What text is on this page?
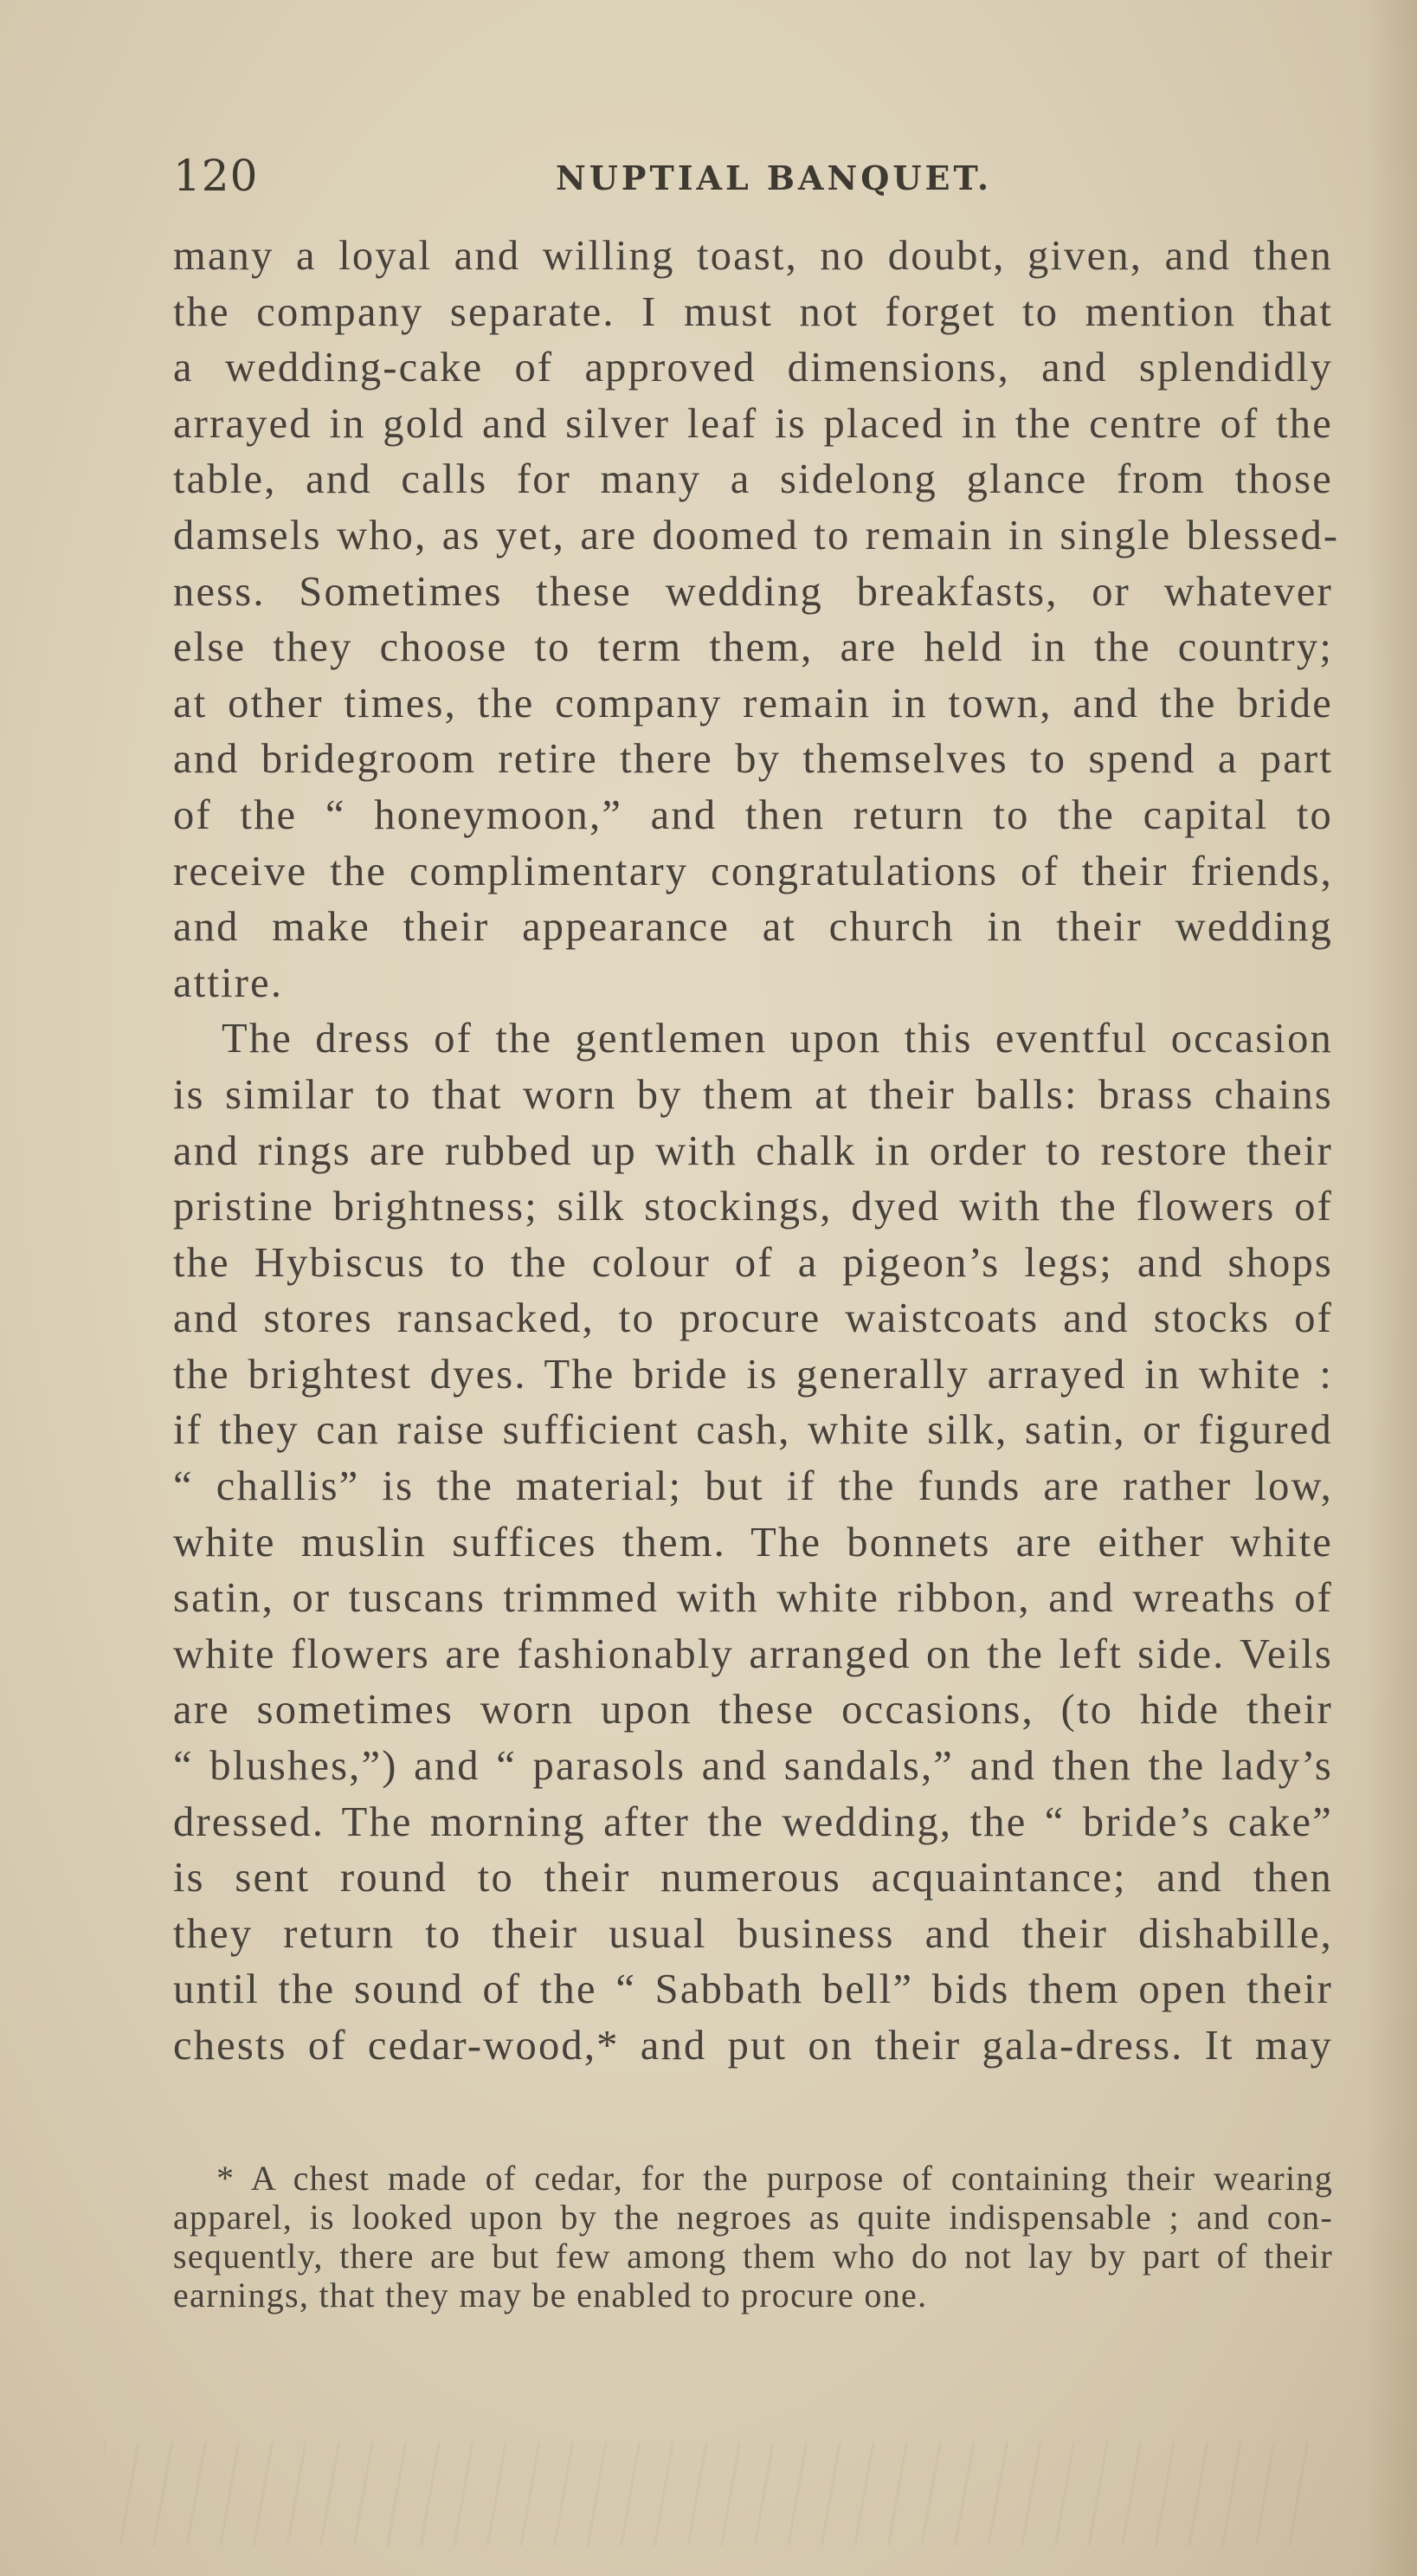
120	NUPTIAL BANQUET.
many a loyal and willing toast, no doubt, given, and then
the company separate. I must not forget to mention that
a wedding-cake of approved dimensions, and splendidly
arrayed in gold and silver leaf is placed in the centre of the
table, and calls for many a sidelong glance from those
damsels who, as yet, are doomed to remain in single blessed-
ness. Sometimes these wedding breakfasts, or whatever
else they choose to term them, are held in the country;
at other times, the company remain in town, and the bride
and bridegroom retire there by themselves to spend a part
of the “ honeymoon,” and then return to the capital to
receive the complimentary congratulations of their friends,
and make their appearance at church in their wedding
attire.
The dress of the gentlemen upon this eventful occasion
is similar to that worn by them at their balls: brass chains
and rings are rubbed up with chalk in order to restore their
pristine brightness; silk stockings, dyed with the flowers of
the Hybiscus to the colour of a pigeon’s legs; and shops
and stores ransacked, to procure waistcoats and stocks of
the brightest dyes. The bride is generally arrayed in white :
if they can raise sufficient cash, white silk, satin, or figured
“ challis” is the material; but if the funds are rather low,
white muslin suffices them. The bonnets are either white
satin, or tuscans trimmed with white ribbon, and wreaths of
white flowers are fashionably arranged on the left side. Veils
are sometimes worn upon these occasions, (to hide their
“ blushes,”) and “ parasols and sandals,” and then the lady’s
dressed. The morning after the wedding, the “ bride’s cake”
is sent round to their numerous acquaintance; and then
they return to their usual business and their dishabille,
until the sound of the “ Sabbath bell” bids them open their
chests of cedar-wood,* and put on their gala-dress. It may
* A chest made of cedar, for the purpose of containing their wearing
apparel, is looked upon by the negroes as quite indispensable ; and con-
sequently, there are but few among them who do not lay by part of their
earnings, that they may be enabled to procure one.
